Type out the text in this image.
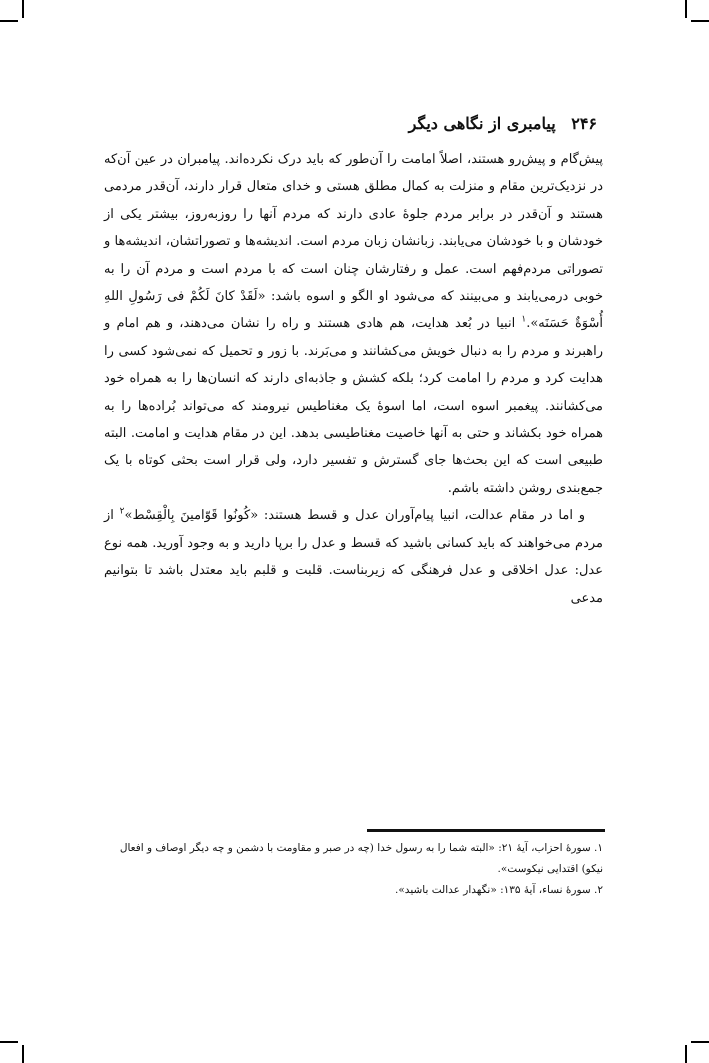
۲۴۶ پیامبری از نگاهی دیگر

پیش‌گام و پیش‌رو هستند، اصلاً امامت را آن‌طور که باید درک نکرده‌اند. پیامبران در عین آن‌که در نزدیک‌ترین مقام و منزلت به کمال مطلق هستی و خدای متعال قرار دارند، آن‌قدر مردمی هستند و آن‌قدر در برابر مردم جلوهٔ عادی دارند که مردم آنها را روزبه‌روز، بیشتر یکی از خودشان و با خودشان می‌یابند. زبانشان زبان مردم است. اندیشه‌ها و تصوراتشان، اندیشه‌ها و تصوراتی مردم‌فهم است. عمل و رفتارشان چنان است که با مردم است و مردم آن را به خوبی درمی‌یابند و می‌بینند که می‌شود او الگو و اسوه باشد: «لَقَدْ کانَ لَکُمْ فی رَسُولِ اللهِ أُسْوَةٌ حَسَنَه».$^۱$ انبیا در بُعد هدایت، هم هادی هستند و راه را نشان می‌دهند، و هم امام و راهبرند و مردم را به دنبال خویش می‌کشانند و می‌بَرند. با زور و تحمیل که نمی‌شود کسی را هدایت کرد و مردم را امامت کرد؛ بلکه کشش و جاذبه‌ای دارند که انسان‌ها را به همراه خود می‌کشانند. پیغمبر اسوه است، اما اسوهٔ یک مغناطیس نیرومند که می‌تواند بُراده‌ها را به همراه خود بکشاند و حتی به آنها خاصیت مغناطیسی بدهد. این در مقام هدایت و امامت. البته طبیعی است که این بحث‌ها جای گسترش و تفسیر دارد، ولی قرار است بحثی کوتاه با یک جمع‌بندی روشن داشته باشم.

و اما در مقام عدالت، انبیا پیام‌آوران عدل و قسط هستند: «کُونُوا قَوّامینَ بِالْقِسْط»$^۲$ از مردم می‌خواهند که باید کسانی باشید که قسط و عدل را برپا دارید و به وجود آورید. همه نوع عدل: عدل اخلاقی و عدل فرهنگی که زیربناست. قلبت و قلبم باید معتدل باشد تا بتوانیم مدعی

۱. سورهٔ احزاب، آیهٔ ۲۱: «البته شما را به رسول خدا (چه در صبر و مقاومت با دشمن و چه دیگر اوصاف و افعال نیکو) اقتدایی نیکوست».
۲. سورهٔ نساء، آیهٔ ۱۳۵: «نگهدار عدالت باشید».
